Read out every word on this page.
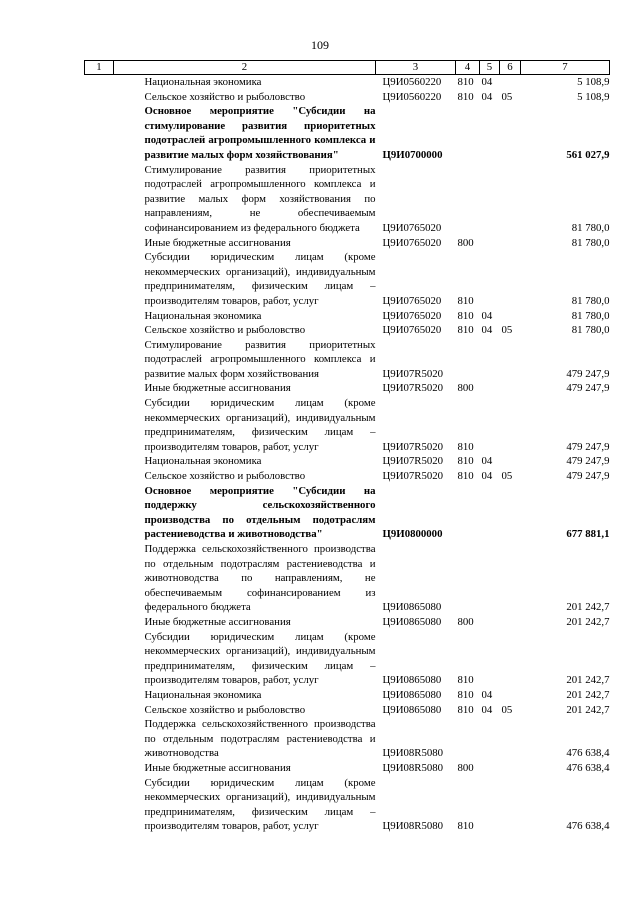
109
1	2	3	4	5	6	7
	Национальная экономика	Ц9И0560220	810	04		5 108,9
	Сельское хозяйство и рыболовство	Ц9И0560220	810	04	05	5 108,9
	Основное мероприятие "Субсидии на стимулирование развития приоритетных подотраслей агропромышленного комплекса и развитие малых форм хозяйствования"	Ц9И0700000				561 027,9
	Стимулирование развития приоритетных подотраслей агропромышленного комплекса и развитие малых форм хозяйствования по направлениям, не обеспечиваемым софинансированием из федерального бюджета	Ц9И0765020				81 780,0
	Иные бюджетные ассигнования	Ц9И0765020	800			81 780,0
	Субсидии юридическим лицам (кроме некоммерческих организаций), индивидуальным предпринимателям, физическим лицам – производителям товаров, работ, услуг	Ц9И0765020	810			81 780,0
	Национальная экономика	Ц9И0765020	810	04		81 780,0
	Сельское хозяйство и рыболовство	Ц9И0765020	810	04	05	81 780,0
	Стимулирование развития приоритетных подотраслей агропромышленного комплекса и развитие малых форм хозяйствования	Ц9И07R5020				479 247,9
	Иные бюджетные ассигнования	Ц9И07R5020	800			479 247,9
	Субсидии юридическим лицам (кроме некоммерческих организаций), индивидуальным предпринимателям, физическим лицам – производителям товаров, работ, услуг	Ц9И07R5020	810			479 247,9
	Национальная экономика	Ц9И07R5020	810	04		479 247,9
	Сельское хозяйство и рыболовство	Ц9И07R5020	810	04	05	479 247,9
	Основное мероприятие "Субсидии на поддержку сельскохозяйственного производства по отдельным подотраслям растениеводства и животноводства"	Ц9И0800000				677 881,1
	Поддержка сельскохозяйственного производства по отдельным подотраслям растениеводства и животноводства по направлениям, не обеспечиваемым софинансированием из федерального бюджета	Ц9И0865080				201 242,7
	Иные бюджетные ассигнования	Ц9И0865080	800			201 242,7
	Субсидии юридическим лицам (кроме некоммерческих организаций), индивидуальным предпринимателям, физическим лицам – производителям товаров, работ, услуг	Ц9И0865080	810			201 242,7
	Национальная экономика	Ц9И0865080	810	04		201 242,7
	Сельское хозяйство и рыболовство	Ц9И0865080	810	04	05	201 242,7
	Поддержка сельскохозяйственного производства по отдельным подотраслям растениеводства и животноводства	Ц9И08R5080				476 638,4
	Иные бюджетные ассигнования	Ц9И08R5080	800			476 638,4
	Субсидии юридическим лицам (кроме некоммерческих организаций), индивидуальным предпринимателям, физическим лицам – производителям товаров, работ, услуг	Ц9И08R5080	810			476 638,4
